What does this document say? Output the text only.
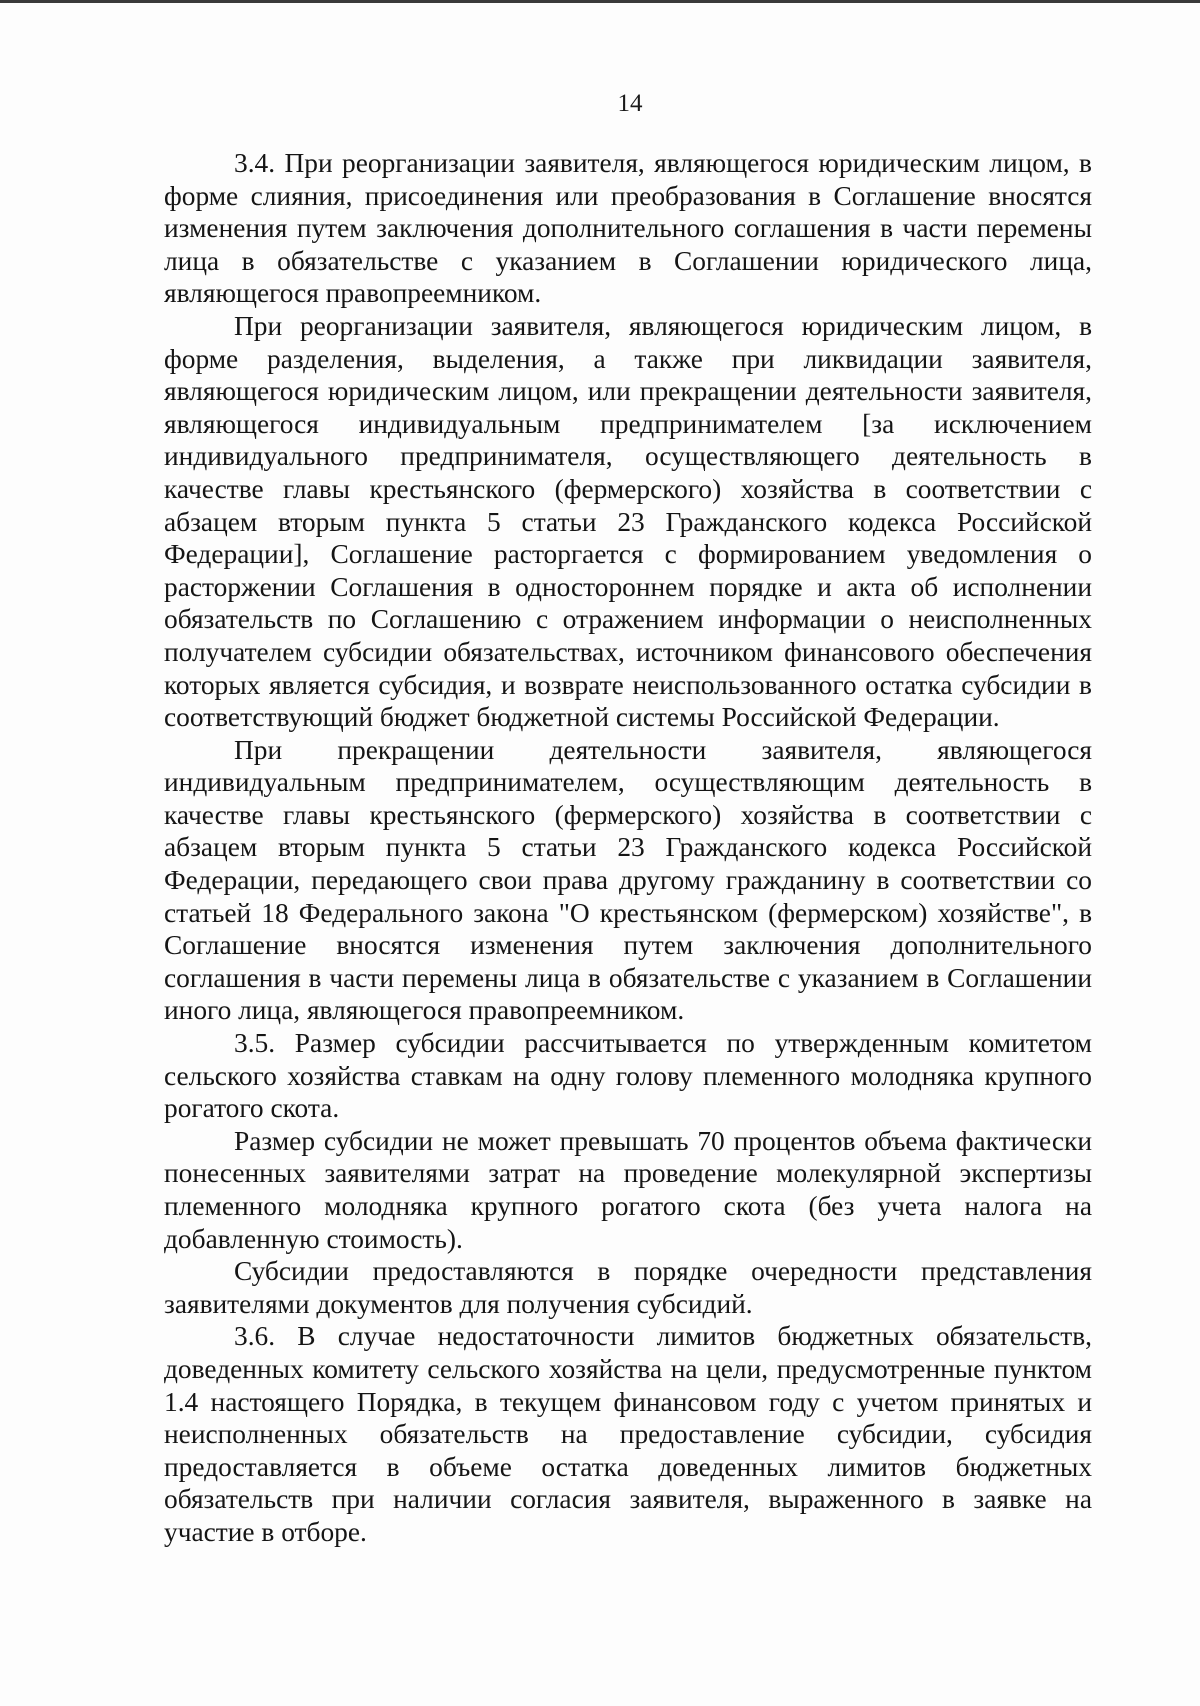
14

3.4. При реорганизации заявителя, являющегося юридическим лицом, в форме слияния, присоединения или преобразования в Соглашение вносятся изменения путем заключения дополнительного соглашения в части перемены лица в обязательстве с указанием в Соглашении юридического лица, являющегося правопреемником.

При реорганизации заявителя, являющегося юридическим лицом, в форме разделения, выделения, а также при ликвидации заявителя, являющегося юридическим лицом, или прекращении деятельности заявителя, являющегося индивидуальным предпринимателем [за исключением индивидуального предпринимателя, осуществляющего деятельность в качестве главы крестьянского (фермерского) хозяйства в соответствии с абзацем вторым пункта 5 статьи 23 Гражданского кодекса Российской Федерации], Соглашение расторгается с формированием уведомления о расторжении Соглашения в одностороннем порядке и акта об исполнении обязательств по Соглашению с отражением информации о неисполненных получателем субсидии обязательствах, источником финансового обеспечения которых является субсидия, и возврате неиспользованного остатка субсидии в соответствующий бюджет бюджетной системы Российской Федерации.

При прекращении деятельности заявителя, являющегося индивидуальным предпринимателем, осуществляющим деятельность в качестве главы крестьянского (фермерского) хозяйства в соответствии с абзацем вторым пункта 5 статьи 23 Гражданского кодекса Российской Федерации, передающего свои права другому гражданину в соответствии со статьей 18 Федерального закона "О крестьянском (фермерском) хозяйстве", в Соглашение вносятся изменения путем заключения дополнительного соглашения в части перемены лица в обязательстве с указанием в Соглашении иного лица, являющегося правопреемником.

3.5. Размер субсидии рассчитывается по утвержденным комитетом сельского хозяйства ставкам на одну голову племенного молодняка крупного рогатого скота.

Размер субсидии не может превышать 70 процентов объема фактически понесенных заявителями затрат на проведение молекулярной экспертизы племенного молодняка крупного рогатого скота (без учета налога на добавленную стоимость).

Субсидии предоставляются в порядке очередности представления заявителями документов для получения субсидий.

3.6. В случае недостаточности лимитов бюджетных обязательств, доведенных комитету сельского хозяйства на цели, предусмотренные пунктом 1.4 настоящего Порядка, в текущем финансовом году с учетом принятых и неисполненных обязательств на предоставление субсидии, субсидия предоставляется в объеме остатка доведенных лимитов бюджетных обязательств при наличии согласия заявителя, выраженного в заявке на участие в отборе.
